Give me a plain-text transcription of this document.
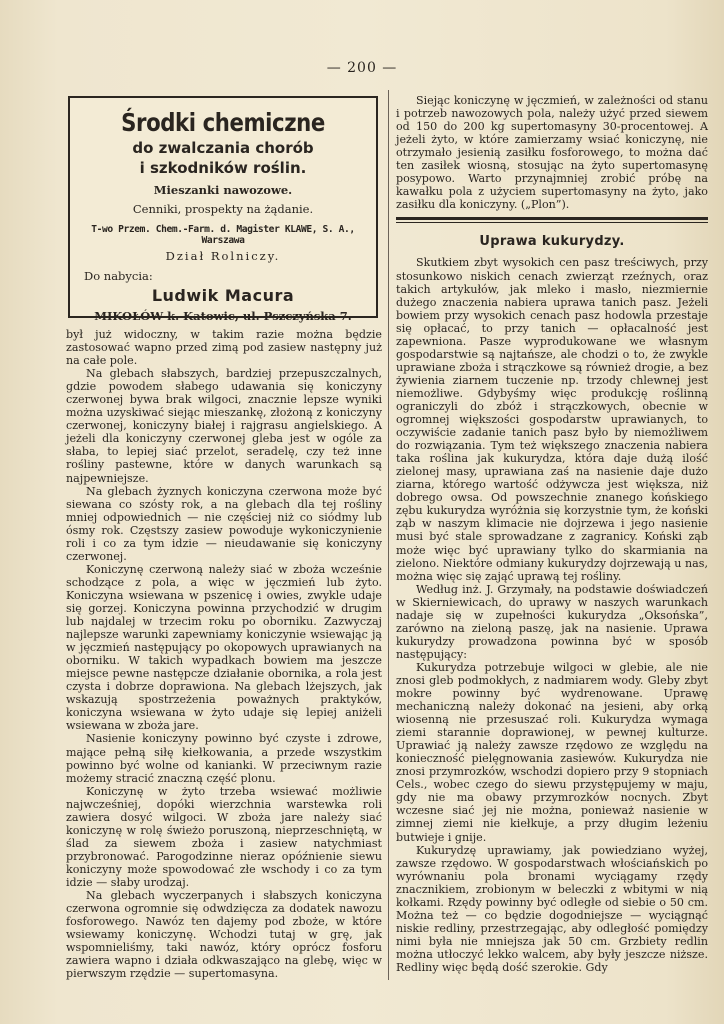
— 200 —
Środki chemiczne
do zwalczania chorób
i szkodników roślin.
Mieszanki nawozowe.
Cenniki, prospekty na żądanie.
T-wo Przem. Chem.-Farm. d. Magister KLAWE, S. A., Warszawa
Dział Rolniczy.
Do nabycia:
Ludwik Macura
MIKOŁÓW k. Katowic, ul. Pszczyńska 7.

był już widoczny, w takim razie można będzie zastosować wapno przed zimą pod zasiew następny już na całe pole.

Na glebach słabszych, bardziej przepuszczalnych, gdzie powodem słabego udawania się koniczyny czerwonej bywa brak wilgoci, znacznie lepsze wyniki można uzyskiwać siejąc mieszankę, złożoną z koniczyny czerwonej, koniczyny białej i rajgrasu angielskiego. A jeżeli dla koniczyny czerwonej gleba jest w ogóle za słaba, to lepiej siać przelot, seradelę, czy też inne rośliny pastewne, które w danych warunkach są najpewniejsze.

Na glebach żyznych koniczyna czerwona może być siewana co szósty rok, a na glebach dla tej rośliny mniej odpowiednich — nie częściej niż co siódmy lub ósmy rok. Częstszy zasiew powoduje wykoniczynienie roli i co za tym idzie — nieudawanie się koniczyny czerwonej.

Koniczynę czerwoną należy siać w zboża wcześnie schodzące z pola, a więc w jęczmień lub żyto. Koniczyna wsiewana w pszenicę i owies, zwykle udaje się gorzej. Koniczyna powinna przychodzić w drugim lub najdalej w trzecim roku po oborniku. Zazwyczaj najlepsze warunki zapewniamy koniczynie wsiewając ją w jęczmień następujący po okopowych uprawianych na oborniku. W takich wypadkach bowiem ma jeszcze miejsce pewne następcze działanie obornika, a rola jest czysta i dobrze doprawiona. Na glebach lżejszych, jak wskazują spostrzeżenia poważnych praktyków, koniczyna wsiewana w żyto udaje się lepiej aniżeli wsiewana w zboża jare.

Nasienie koniczyny powinno być czyste i zdrowe, mające pełną siłę kiełkowania, a przede wszystkim powinno być wolne od kanianki. W przeciwnym razie możemy stracić znaczną część plonu.

Koniczynę w żyto trzeba wsiewać możliwie najwcześniej, dopóki wierzchnia warstewka roli zawiera dosyć wilgoci. W zboża jare należy siać koniczynę w rolę świeżo poruszoną, nieprzeschniętą, w ślad za siewem zboża i zasiew natychmiast przybronować. Parogodzinne nieraz opóźnienie siewu koniczyny może spowodować złe wschody i co za tym idzie — słaby urodzaj.

Na glebach wyczerpanych i słabszych koniczyna czerwona ogromnie się odwdzięcza za dodatek nawozu fosforowego. Nawóz ten dajemy pod zboże, w które wsiewamy koniczynę. Wchodzi tutaj w grę, jak wspomnieliśmy, taki nawóz, który oprócz fosforu zawiera wapno i działa odkwaszająco na glebę, więc w pierwszym rzędzie — supertomasyna.

Siejąc koniczynę w jęczmień, w zależności od stanu i potrzeb nawozowych pola, należy użyć przed siewem od 150 do 200 kg supertomasyny 30-procentowej. A jeżeli żyto, w które zamierzamy wsiać koniczynę, nie otrzymało jesienią zasiłku fosforowego, to można dać ten zasiłek wiosną, stosując na żyto supertomasynę posypowo. Warto przynajmniej zrobić próbę na kawałku pola z użyciem supertomasyny na żyto, jako zasiłku dla koniczyny. („Plon”).

Uprawa kukurydzy.

Skutkiem zbyt wysokich cen pasz treściwych, przy stosunkowo niskich cenach zwierząt rzeźnych, oraz takich artykułów, jak mleko i masło, niezmiernie dużego znaczenia nabiera uprawa tanich pasz. Jeżeli bowiem przy wysokich cenach pasz hodowla przestaje się opłacać, to przy tanich — opłacalność jest zapewniona. Pasze wyprodukowane we własnym gospodarstwie są najtańsze, ale chodzi o to, że zwykle uprawiane zboża i strączkowe są również drogie, a bez żywienia ziarnem tuczenie np. trzody chlewnej jest niemożliwe. Gdybyśmy więc produkcję roślinną ograniczyli do zbóż i strączkowych, obecnie w ogromnej większości gospodarstw uprawianych, to oczywiście zadanie tanich pasz było by niemożliwem do rozwiązania. Tym też większego znaczenia nabiera taka roślina jak kukurydza, która daje dużą ilość zielonej masy, uprawiana zaś na nasienie daje dużo ziarna, którego wartość odżywcza jest większa, niż dobrego owsa. Od powszechnie znanego końskiego zębu kukurydza wyróżnia się korzystnie tym, że koński ząb w naszym klimacie nie dojrzewa i jego nasienie musi być stale sprowadzane z zagranicy. Koński ząb może więc być uprawiany tylko do skarmiania na zielono. Niektóre odmiany kukurydzy dojrzewają u nas, można więc się zająć uprawą tej rośliny.

Według inż. J. Grzymały, na podstawie doświadczeń w Skierniewicach, do uprawy w naszych warunkach nadaje się w zupełności kukurydza „Oksońska”, zarówno na zieloną paszę, jak na nasienie. Uprawa kukurydzy prowadzona powinna być w sposób następujący:

Kukurydza potrzebuje wilgoci w glebie, ale nie znosi gleb podmokłych, z nadmiarem wody. Gleby zbyt mokre powinny być wydrenowane. Uprawę mechaniczną należy dokonać na jesieni, aby orką wiosenną nie przesuszać roli. Kukurydza wymaga ziemi starannie doprawionej, w pewnej kulturze. Uprawiać ją należy zawsze rzędowo ze względu na konieczność pielęgnowania zasiewów. Kukurydza nie znosi przymrozków, wschodzi dopiero przy 9 stopniach Cels., wobec czego do siewu przystępujemy w maju, gdy nie ma obawy przymrozków nocnych. Zbyt wczesne siać jej nie można, ponieważ nasienie w zimnej ziemi nie kiełkuje, a przy długim leżeniu butwieje i gnije.

Kukurydzę uprawiamy, jak powiedziano wyżej, zawsze rzędowo. W gospodarstwach włościańskich po wyrównaniu pola bronami wyciągamy rzędy znacznikiem, zrobionym w beleczki z wbitymi w nią kołkami. Rzędy powinny być odległe od siebie o 50 cm. Można też — co będzie dogodniejsze — wyciągnąć niskie redliny, przestrzegając, aby odległość pomiędzy nimi była nie mniejsza jak 50 cm. Grzbiety redlin można utłoczyć lekko walcem, aby były jeszcze niższe. Redliny więc będą dość szerokie. Gdy
